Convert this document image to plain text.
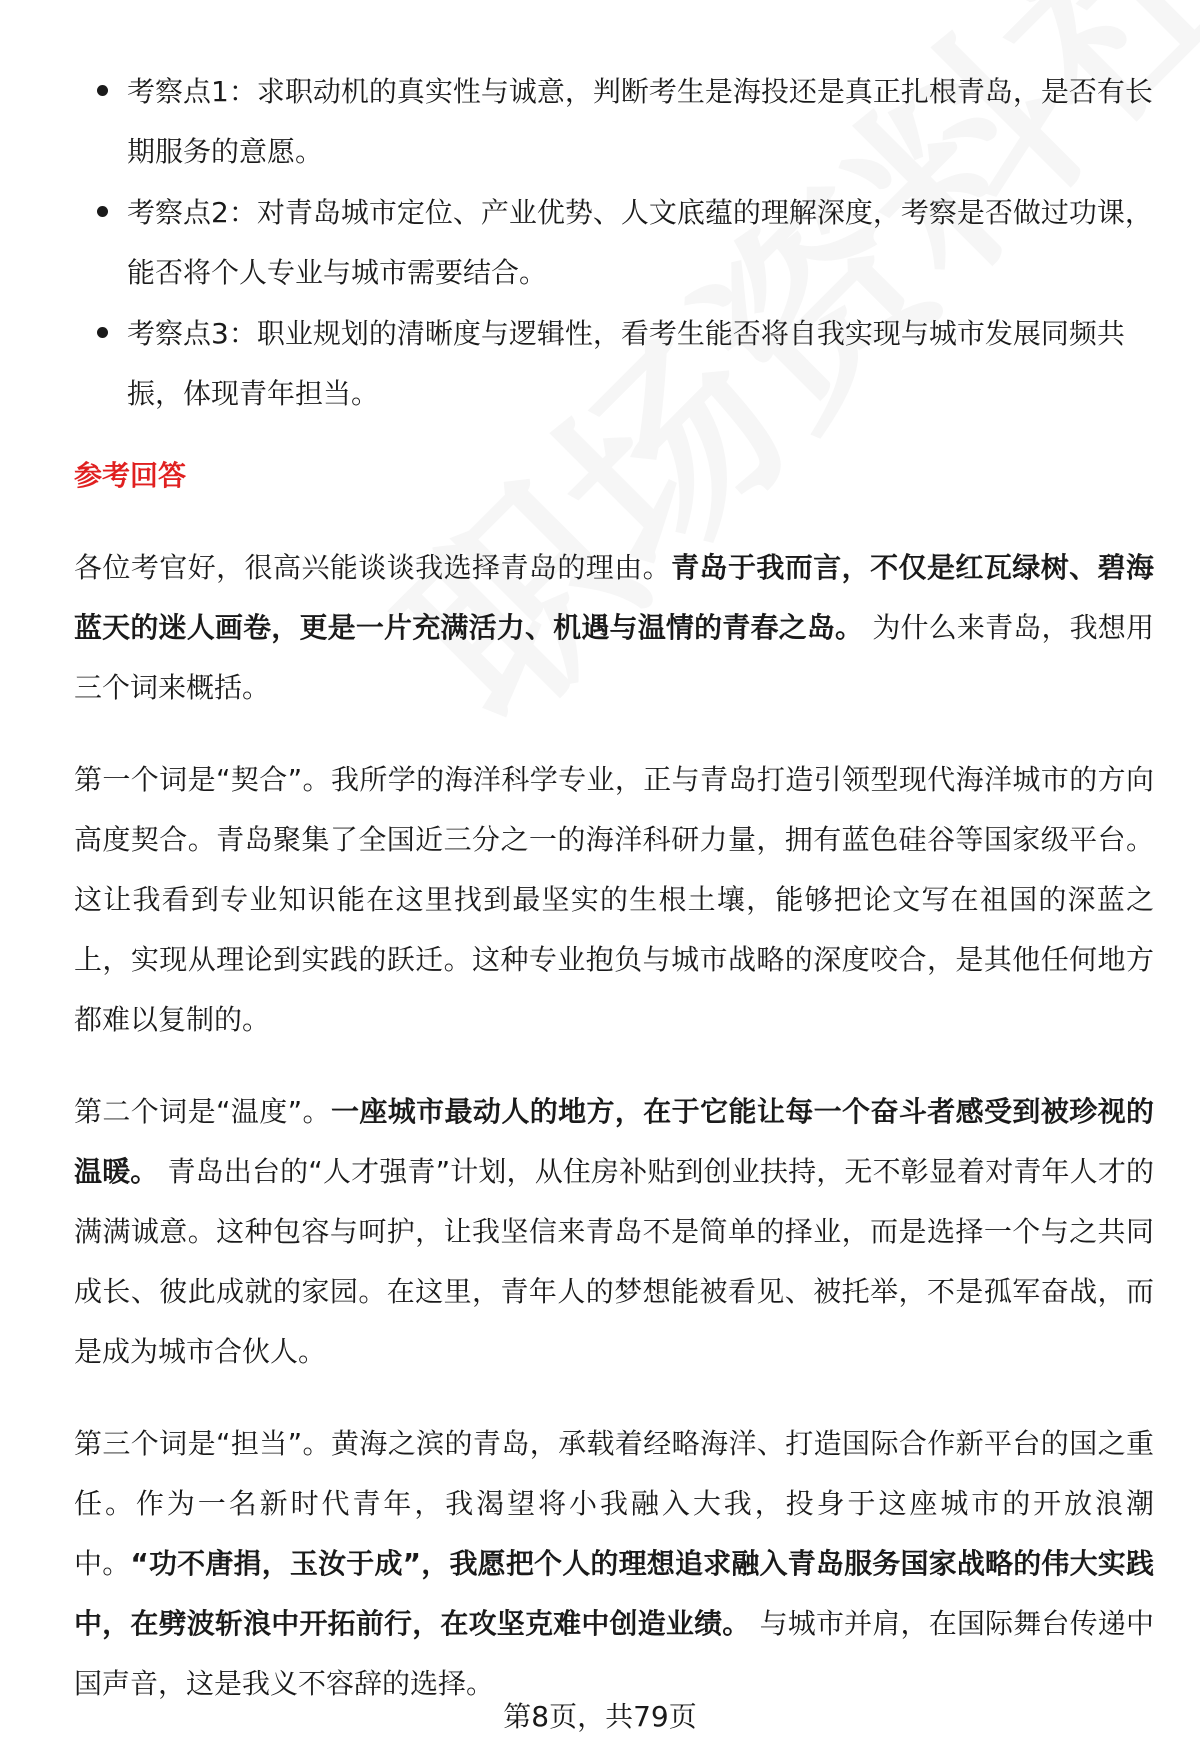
考察点1：求职动机的真实性与诚意，判断考生是海投还是真正扎根青岛，是否有长期服务的意愿。
考察点2：对青岛城市定位、产业优势、人文底蕴的理解深度，考察是否做过功课，能否将个人专业与城市需要结合。
考察点3：职业规划的清晰度与逻辑性，看考生能否将自我实现与城市发展同频共振，体现青年担当。
参考回答

各位考官好，很高兴能谈谈我选择青岛的理由。青岛于我而言，不仅是红瓦绿树、碧海蓝天的迷人画卷，更是一片充满活力、机遇与温情的青春之岛。 为什么来青岛，我想用三个词来概括。

第一个词是“契合”。我所学的海洋科学专业，正与青岛打造引领型现代海洋城市的方向高度契合。青岛聚集了全国近三分之一的海洋科研力量，拥有蓝色硅谷等国家级平台。这让我看到专业知识能在这里找到最坚实的生根土壤，能够把论文写在祖国的深蓝之上，实现从理论到实践的跃迁。这种专业抱负与城市战略的深度咬合，是其他任何地方都难以复制的。

第二个词是“温度”。一座城市最动人的地方，在于它能让每一个奋斗者感受到被珍视的温暖。 青岛出台的“人才强青”计划，从住房补贴到创业扶持，无不彰显着对青年人才的满满诚意。这种包容与呵护，让我坚信来青岛不是简单的择业，而是选择一个与之共同成长、彼此成就的家园。在这里，青年人的梦想能被看见、被托举，不是孤军奋战，而是成为城市合伙人。

第三个词是“担当”。黄海之滨的青岛，承载着经略海洋、打造国际合作新平台的国之重任。作为一名新时代青年，我渴望将小我融入大我，投身于这座城市的开放浪潮中。“功不唐捐，玉汝于成”，我愿把个人的理想追求融入青岛服务国家战略的伟大实践中，在劈波斩浪中开拓前行，在攻坚克难中创造业绩。 与城市并肩，在国际舞台传递中国声音，这是我义不容辞的选择。

第8页，共79页
